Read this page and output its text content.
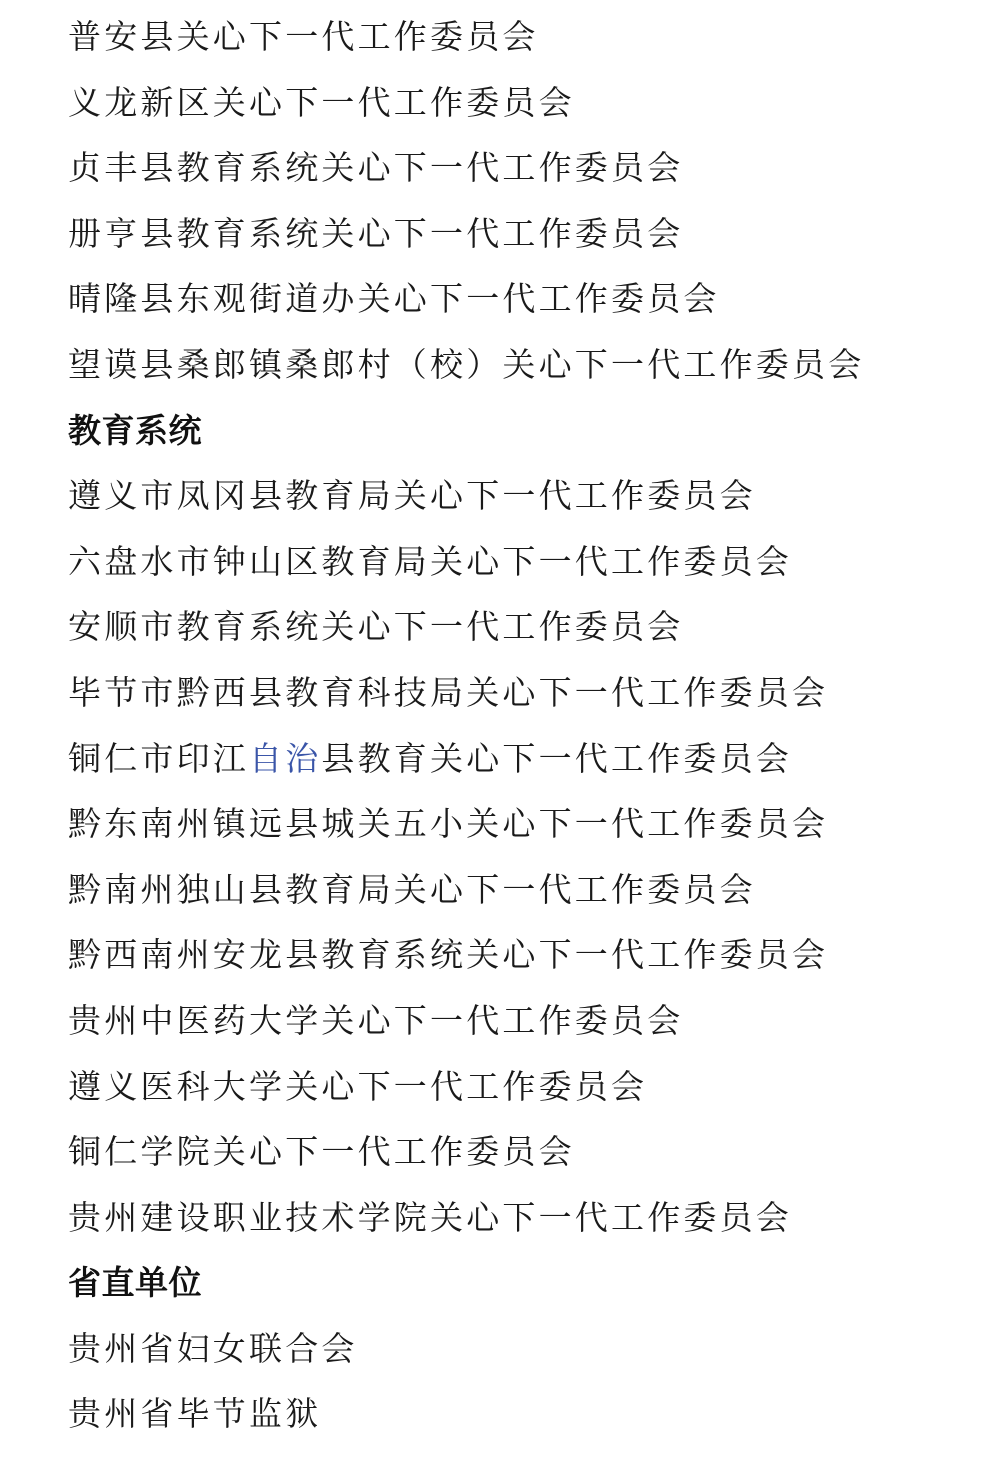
普安县关心下一代工作委员会
义龙新区关心下一代工作委员会
贞丰县教育系统关心下一代工作委员会
册亨县教育系统关心下一代工作委员会
晴隆县东观街道办关心下一代工作委员会
望谟县桑郎镇桑郎村（校）关心下一代工作委员会
教育系统
遵义市凤冈县教育局关心下一代工作委员会
六盘水市钟山区教育局关心下一代工作委员会
安顺市教育系统关心下一代工作委员会
毕节市黔西县教育科技局关心下一代工作委员会
铜仁市印江自治县教育关心下一代工作委员会
黔东南州镇远县城关五小关心下一代工作委员会
黔南州独山县教育局关心下一代工作委员会
黔西南州安龙县教育系统关心下一代工作委员会
贵州中医药大学关心下一代工作委员会
遵义医科大学关心下一代工作委员会
铜仁学院关心下一代工作委员会
贵州建设职业技术学院关心下一代工作委员会
省直单位
贵州省妇女联合会
贵州省毕节监狱
